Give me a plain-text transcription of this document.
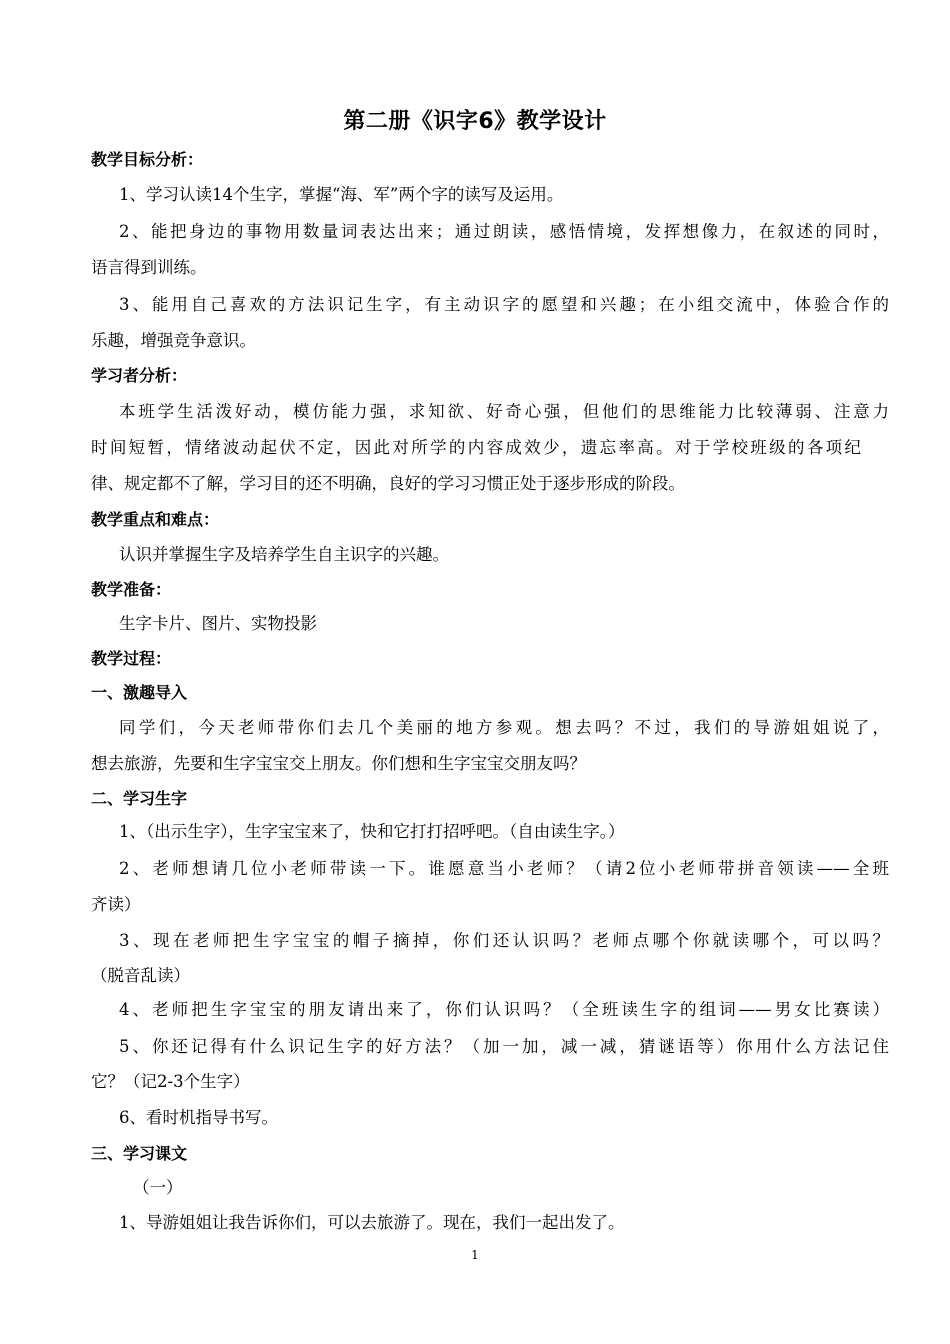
第二册《识字6》教学设计
教学目标分析：
1、学习认读14个生字，掌握“海、军”两个字的读写及运用。
2、能把身边的事物用数量词表达出来；通过朗读，感悟情境，发挥想像力，在叙述的同时，
语言得到训练。
3、能用自己喜欢的方法识记生字，有主动识字的愿望和兴趣；在小组交流中，体验合作的
乐趣，增强竞争意识。
学习者分析：
本班学生活泼好动，模仿能力强，求知欲、好奇心强，但他们的思维能力比较薄弱、注意力
时间短暂，情绪波动起伏不定，因此对所学的内容成效少，遗忘率高。对于学校班级的各项纪
律、规定都不了解，学习目的还不明确，良好的学习习惯正处于逐步形成的阶段。
教学重点和难点：
认识并掌握生字及培养学生自主识字的兴趣。
教学准备：
生字卡片、图片、实物投影
教学过程：
一、激趣导入
同学们，今天老师带你们去几个美丽的地方参观。想去吗？不过，我们的导游姐姐说了，
想去旅游，先要和生字宝宝交上朋友。你们想和生字宝宝交朋友吗？
二、学习生字
1、（出示生字），生字宝宝来了，快和它打打招呼吧。（自由读生字。）
2、老师想请几位小老师带读一下。谁愿意当小老师？（请2位小老师带拼音领读——全班
齐读）
3、现在老师把生字宝宝的帽子摘掉，你们还认识吗？老师点哪个你就读哪个，可以吗？
（脱音乱读）
4、老师把生字宝宝的朋友请出来了，你们认识吗？（全班读生字的组词——男女比赛读）
5、你还记得有什么识记生字的好方法？（加一加，减一减，猜谜语等）你用什么方法记住
它？（记2-3个生字）
6、看时机指导书写。
三、学习课文
（一）
1、导游姐姐让我告诉你们，可以去旅游了。现在，我们一起出发了。
1
